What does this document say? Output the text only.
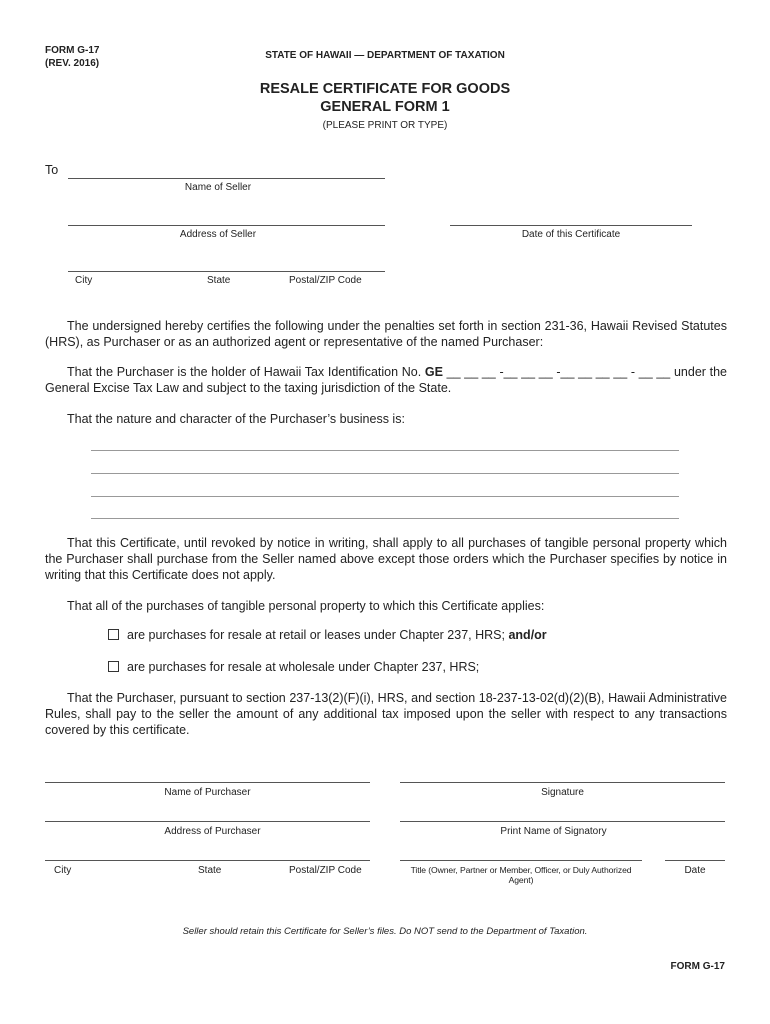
FORM G-17
(REV. 2016)
STATE OF HAWAII — DEPARTMENT OF TAXATION
RESALE CERTIFICATE FOR GOODS
GENERAL FORM 1
(PLEASE PRINT OR TYPE)
To
Name of Seller
Address of Seller	Date of this Certificate
City	State	Postal/ZIP Code
The undersigned hereby certifies the following under the penalties set forth in section 231-36, Hawaii Revised Statutes (HRS), as Purchaser or as an authorized agent or representative of the named Purchaser:
That the Purchaser is the holder of Hawaii Tax Identification No. GE __ __ __ -__ __ __ -__ __ __ __ - __ __ under the General Excise Tax Law and subject to the taxing jurisdiction of the State.
That the nature and character of the Purchaser’s business is:
That this Certificate, until revoked by notice in writing, shall apply to all purchases of tangible personal property which the Purchaser shall purchase from the Seller named above except those orders which the Purchaser specifies by notice in writing that this Certificate does not apply.
That all of the purchases of tangible personal property to which this Certificate applies:
are purchases for resale at retail or leases under Chapter 237, HRS; and/or
are purchases for resale at wholesale under Chapter 237, HRS;
That the Purchaser, pursuant to section 237-13(2)(F)(i), HRS, and section 18-237-13-02(d)(2)(B), Hawaii Administrative Rules, shall pay to the seller the amount of any additional tax imposed upon the seller with respect to any transactions covered by this certificate.
Name of Purchaser	Signature
Address of Purchaser	Print Name of Signatory
City	State	Postal/ZIP Code	Title (Owner, Partner or Member, Officer, or Duly Authorized Agent)
Date
Seller should retain this Certificate for Seller’s files. Do NOT send to the Department of Taxation.
FORM G-17
